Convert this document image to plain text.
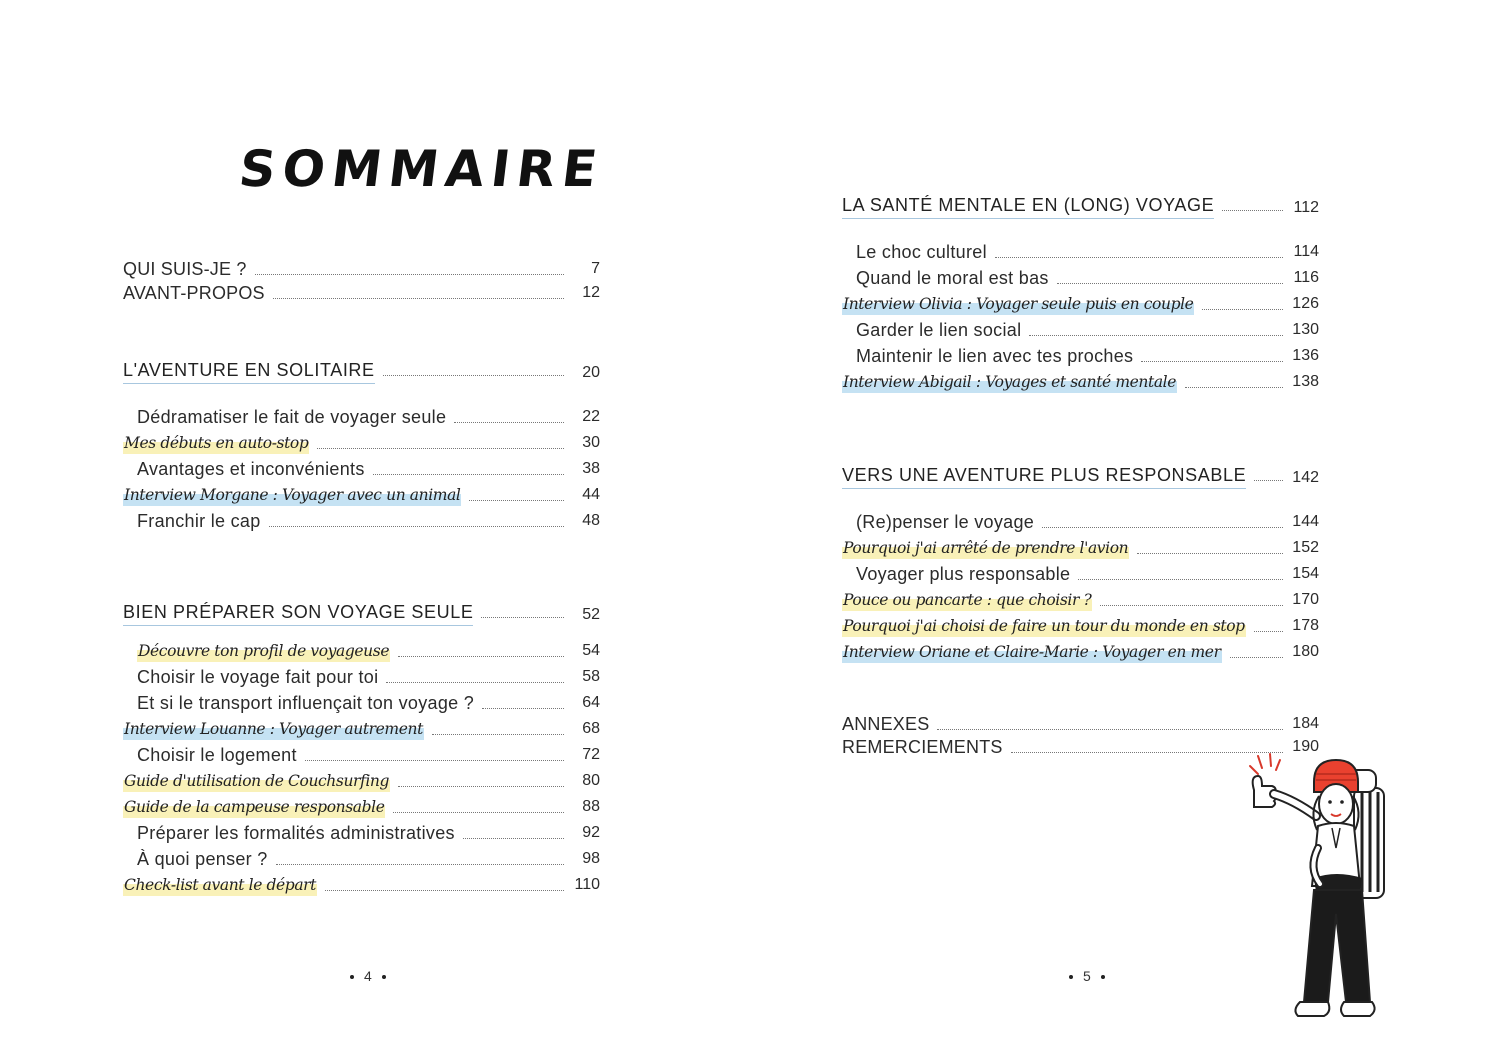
SOMMAIRE
QUI SUIS-JE ?	7
AVANT-PROPOS	12
L'AVENTURE EN SOLITAIRE	20
Dédramatiser le fait de voyager seule	22
Mes débuts en auto-stop	30
Avantages et inconvénients	38
Interview Morgane : Voyager avec un animal	44
Franchir le cap	48
BIEN PRÉPARER SON VOYAGE SEULE	52
Découvre ton profil de voyageuse	54
Choisir le voyage fait pour toi	58
Et si le transport influençait ton voyage ?	64
Interview Louanne : Voyager autrement	68
Choisir le logement	72
Guide d'utilisation de Couchsurfing	80
Guide de la campeuse responsable	88
Préparer les formalités administratives	92
À quoi penser ?	98
Check-list avant le départ	110
4
LA SANTÉ MENTALE EN (LONG) VOYAGE	112
Le choc culturel	114
Quand le moral est bas	116
Interview Olivia : Voyager seule puis en couple	126
Garder le lien social	130
Maintenir le lien avec tes proches	136
Interview Abigail : Voyages et santé mentale	138
VERS UNE AVENTURE PLUS RESPONSABLE	142
(Re)penser le voyage	144
Pourquoi j'ai arrêté de prendre l'avion	152
Voyager plus responsable	154
Pouce ou pancarte : que choisir ?	170
Pourquoi j'ai choisi de faire un tour du monde en stop	178
Interview Oriane et Claire-Marie : Voyager en mer	180
ANNEXES	184
REMERCIEMENTS	190
5
